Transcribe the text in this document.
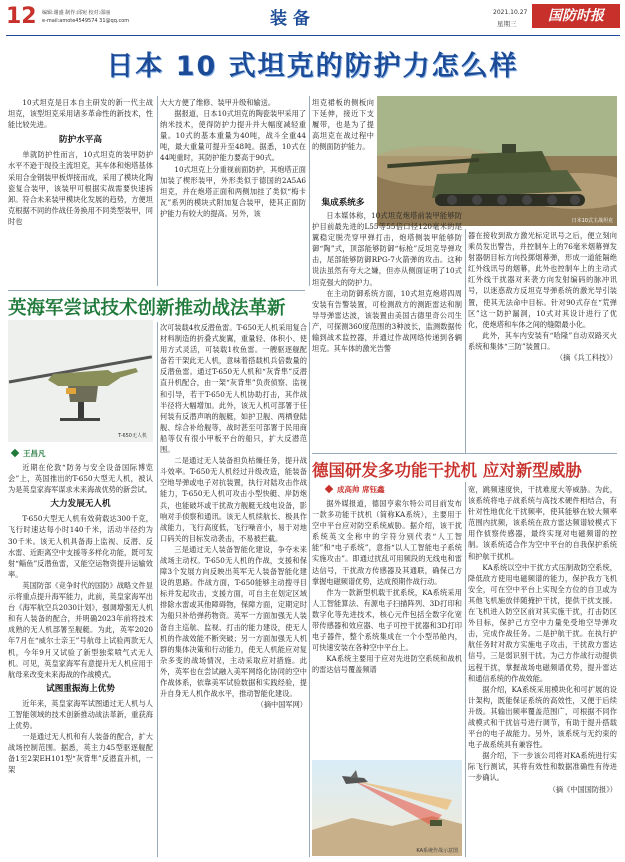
12 编辑:谢盛 制作:邱宛 校对:邵丽
e-mail:amote4549574 31@qq.com	装 备	2021.10.27
星期三	国防时报
日本 10 式坦克的防护力怎么样

10式坦克是日本自主研发的新一代主战坦克，该型坦克采用诸多革命性的新技术，性能比较先进。

防护水平高

单就防护性而言，10式坦克的装甲防护水平不逊于现役主流坦克，其车体和炮塔基体采用合金钢装甲板焊接而成，采用了模块化陶瓷复合装甲，该装甲可根据实战需要快速拆卸。符合未来装甲模块化发展的趋势，方便坦克根据不同的作战任务换用不同类型装甲，同时也

大大方便了维修、装甲升级和输送。

据报道，日本10式坦克的陶瓷装甲采用了纳米技术，使得防护力提升并大幅度减轻重量。10式的基本重量为40吨，战斗全重44吨，最大重量可提升至48吨。据悉，10式在44吨重时，其防护能力要高于90式。

10式坦克上分重视前面防护，其炮塔正面加装了楔形装甲，外形类似于德国的2A5A6坦克，并在炮塔正面和两侧加挂了类似“梅卡瓦”系列的模块式附加复合装甲，使其正面防护能力有较大的提高。另外，该

坦克裙板的侧板向下延伸，接近下支履带，也是为了提高坦克在战过程中的侧面防护能力。

日本10式主战坦克
集成系统多

日本媒体称，10式坦克炮塔前装甲能够防护目前最先进的L55等55倍口径120毫米的尾翼稳定脱壳穿甲弹打击，炮塔侧装甲能够防御“陶”式，顶部能够防御“标枪”反坦克导弹攻击，尾部能够防御RPG-7火箭弹的攻击。这种说法虽然有夸大之嫌，但亦从侧面证明了10式坦克强大的防护力。

在主动防御系统方面，10式坦克炮塔四周安装有告警装置，可检测敌方的测距雷达和制导导弹雷达波，该装置由美国古德里奇公司生产，可探测360度范围的3种波长，监测数据传输到战术监控器，并通过作战网络传递到各辆坦克。其车体的激光告警

器在接收到敌方激光标定讯号之后，便立刻向乘员发出警告，并控制车上的76毫米烟幕弹发射器朝目标方向投掷烟幕弹，形成一道能隔绝红外线讯号的烟幕，此外也控制车上的主动式红外线干扰器对来袭方向发射编码的脉冲讯号，以迷惑敌方反坦克导弹系统的激光导引装置，使其无法命中目标。针对90式存在“荒弹区”这一防护漏洞，10式对其设计进行了优化，使炮塔和车体之间的缝隙最小化。

此外，其车内安装有“哈隆”自动双路灭火系统和集体“三防”装置口。

（摘《兵工科技》）

英海军尝试技术创新推动战法革新
T-650无人机
王昌凡

近期在伦敦“防务与安全设备国际博览会”上，英国推出的T-650大型无人机，被认为是英皇家海军谋求未来海战优势的新尝试。

大力发展无人机

T-650大型无人机有效荷载达300千克，飞行时速达每小时140千米，活动半径约为30千米。该无人机具备海上监视、反潜、反水雷、近距离空中支援等多样化功能，既可发射“鲻鱼”反潜鱼雷，又能空运物资提升运输效率。

英国防部《竞争时代的国防》战略文件显示将重点提升海军能力，此前，英皇家海军出台《海军航空兵2030计划》，强调增强无人机和有人装备的配合，并明确2023年前将技术成熟的无人机部署至舰艇。为此，英军2020年7月在“威尔士亲王”号航母上试验两款无人机，今年9月又试验了新型独桨喷气式无人机。可见，英皇家海军有意提升无人机应用于航母来改变未来海战的作战模式。

试图重振海上优势

近年来，英皇家海军试图通过无人机与人工智能领域的技术创新推动战法革新，重获海上优势。

一是通过无人机和有人装备的配合，扩大战场控制范围。据悉，英主力45型驱逐舰配备1至2架EH101型“灰背隼”反潜直升机，一架

次可装载4枚反潜鱼雷。T-650无人机采用复合材料制造的折叠式旋翼，重量轻、体积小、使用方式灵活，可装载1枚鱼雷。一艘驱逐舰配备若干架此无人机，意味着搭载机兵倍数量的反潜鱼雷。通过T-650无人机和“灰背隼”反潜直升机配合，由一架“灰背隼”负责侦察、监视和引导，若干T-650无人机协助打击，其作战半径将大幅增加。此外，该无人机可部署于任何装有反潜声呐的舰艇，如护卫舰、两栖登陆舰、综合补给舰等，战时甚至可部署于民用商船等仅有很小甲板平台的船只，扩大反潜范围。

二是通过无人装备担负枯燥任务，提升战斗效率。T-650无人机经过升级改造，能装备空地导弹或电子对抗装置，执行对陆攻击作战能力，T-650无人机可攻击小型快艇、岸防炮兵，也能破坏或干扰敌方舰艇无线电设备，影响对手侦察和通讯。该无人机续航长、极具作战能力，飞行高度低，飞行噪音小，易于对地口码关的目标发动袭击，不易被拦截。

三是通过无人装备智能化建设，争夺未来战场主动权。T-650无人机的作战，支援和保障3个发展方向反映出英军无人装备智能化建设的思路。作战方面，T-650能够主动搜寻目标并发起攻击，支援方面，可自主在划定区域排除水雷或其他障碍物，保障方面，定期定时为船只补给弹药物资。英军一方面加强无人装备自主巡航、监视、打击的能力建设，使无人机的作战效能不断突破；另一方面加强无人机群的集体决策和行动能力，使无人机能应对复杂多变的战场情况，主动采取应对措施。此外，英军也在尝试融入美军网络化协同的空中作战体系，依靠美军试验数据和实践经验，提升自身无人机作战水平，推动智能化建设。

（摘中国军网）

德国研发多功能干扰机 应对新型威胁
成高帅 席钰鑫

据外媒报道，德国亨索尔特公司目前发布一款多功能干扰机（简称KA系统），主要用于空中平台应对防空系统威胁。据介绍，该干扰系统英文全称中的字符分别代表“人工智能”和“电子系统”，意指“以人工智能电子系统实施攻击”。即通过扰乱可用频段的无线电和雷达信号，干扰敌方传感器及其通联，确保己方掌握电磁频谱优势，达成预期作战行动。

作为一款新型机载干扰系统，KA系统采用人工智能算法、有源电子扫描阵列、3D打印和数字化等先进技术，核心元件包括全数字化宽带传感器和效应器、电子可控干扰器和3D打印电子器件，整个系统集成在一个小型吊舱内，可快速安装在各种空中平台上。

KA系统主要用于应对先进防空系统和战机的雷达信号覆盖频谱

KA系统作战示意图

宽，跳频速度快，干扰难度大等威胁。为此，该系统将电子战系统与高技术硬件相结合，有针对性地优化干扰频率，使其能够在较大频率范围内扰频，该系统在敌方雷达频谱较模式下用作侦察传感器，最终实现对电磁频谱的控制。该系统适合作为空中平台的自我保护系统和护航干扰机。

KA系统以空中干扰方式压制敌防空系统，降低敌方使用电磁频谱的能力，保护我方飞机安全，可在空中平台上实现全方位的自卫或为其他飞机施放伴随掩护干扰，提供干扰支援。在飞机进入防空区前对其实施干扰，打击防区外目标，保护己方空中力量免受地空导弹攻击，完成作战任务。二是护航干扰。在执行护航任务时对敌方实施电子攻击，干扰敌方雷达信号，三是弱识别干扰。为己方作战行动提供远程干扰，掌握战场电磁频谱优势，提升雷达和通信系统的作战效能。

据介绍，KA系统采用模块化和可扩展的设计架构，既能保证系统的高效性，又便于后续升级。其输出频率覆盖范围广，可根据不同作战模式和干扰信号进行调节，有助于提升搭载平台的电子战能力。另外，该系统与无约束的电子战系统具有兼容性。

据介绍，下一步该公司将对KA系统进行实际飞行测试，其将有效性和数据准确性有待进一步确认。

（摘《中国国防报》）
